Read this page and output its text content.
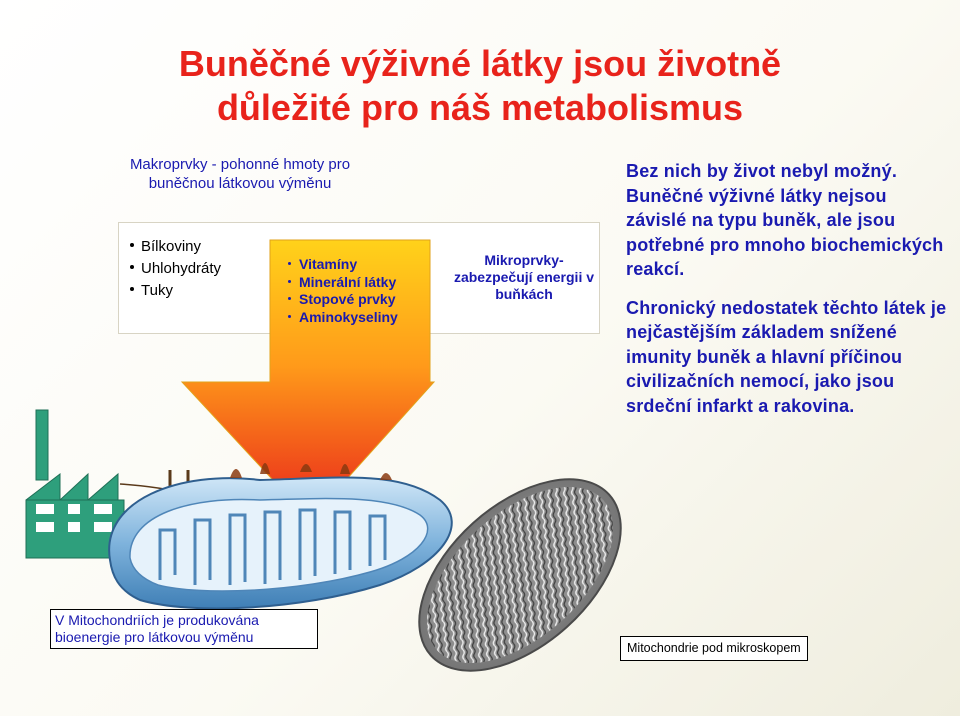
Buněčné výživné látky jsou životně
důležité pro náš metabolismus
Makroprvky - pohonné hmoty pro buněčnou látkovou výměnu
Bílkoviny
Uhlohydráty
Tuky
Vitamíny
Minerální látky
Stopové prvky
Aminokyseliny
Mikroprvky- zabezpečují energii v buňkách

Bez nich by život nebyl možný. Buněčné výživné látky nejsou závislé na typu buněk, ale jsou potřebné pro mnoho biochemických reakcí.

Chronický nedostatek těchto látek je nejčastějším základem snížené imunity buněk a hlavní příčinou civilizačních nemocí, jako jsou srdeční infarkt a rakovina.

V Mitochondriích je produkována bioenergie pro látkovou výměnu
Mitochondrie pod mikroskopem
